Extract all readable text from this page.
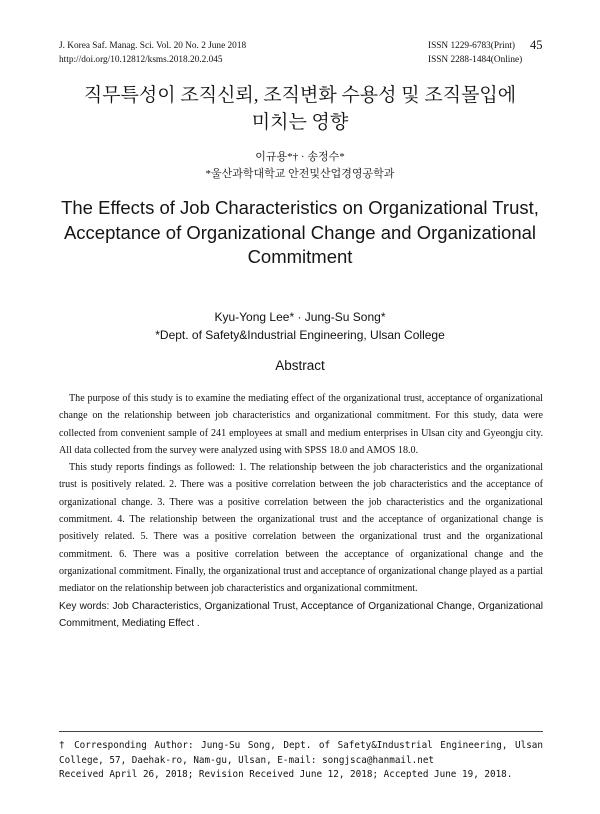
J. Korea Saf. Manag. Sci. Vol. 20 No. 2 June 2018
http://doi.org/10.12812/ksms.2018.20.2.045
ISSN 1229-6783(Print)
ISSN 2288-1484(Online)
45
직무특성이 조직신뢰, 조직변화 수용성 및 조직몰입에
미치는 영향
이규용*† · 송정수*
*울산과학대학교 안전및산업경영공학과
The Effects of Job Characteristics on Organizational Trust,
Acceptance of Organizational Change and Organizational
Commitment
Kyu-Yong Lee* · Jung-Su Song*
*Dept. of Safety&Industrial Engineering, Ulsan College
Abstract

The purpose of this study is to examine the mediating effect of the organizational trust, acceptance of organizational change on the relationship between job characteristics and organizational commitment. For this study, data were collected from convenient sample of 241 employees at small and medium enterprises in Ulsan city and Gyeongju city. All data collected from the survey were analyzed using with SPSS 18.0 and AMOS 18.0.

This study reports findings as followed: 1. The relationship between the job characteristics and the organizational trust is positively related. 2. There was a positive correlation between the job characteristics and the acceptance of organizational change. 3. There was a positive correlation between the job characteristics and the organizational commitment. 4. The relationship between the organizational trust and the acceptance of organizational change is positively related. 5. There was a positive correlation between the organizational trust and the organizational commitment. 6. There was a positive correlation between the acceptance of organizational change and the organizational commitment. Finally, the organizational trust and acceptance of organizational change played as a partial mediator on the relationship between job characteristics and organizational commitment.

Key words: Job Characteristics, Organizational Trust, Acceptance of Organizational Change, Organizational Commitment, Mediating Effect .

† Corresponding Author: Jung-Su Song, Dept. of Safety&Industrial Engineering, Ulsan College, 57, Daehak-ro, Nam-gu, Ulsan, E-mail: songjsca@hanmail.net
Received April 26, 2018; Revision Received June 12, 2018; Accepted June 19, 2018.
